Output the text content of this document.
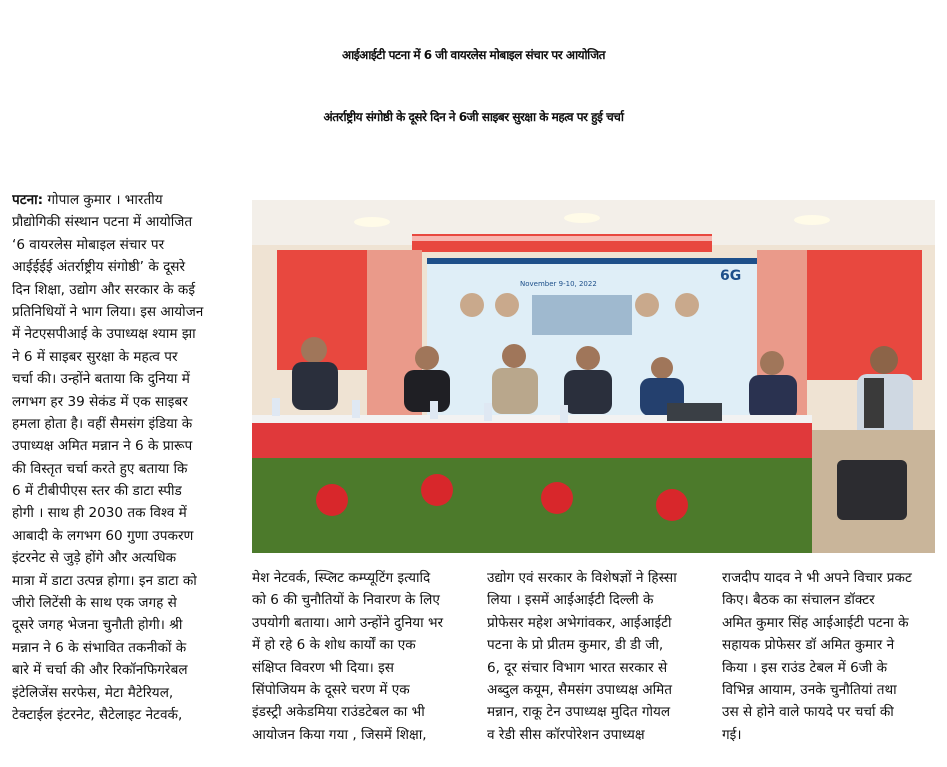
आईआईटी पटना में 6 जी वायरलेस मोबाइल संचार पर आयोजित
अंतर्राष्ट्रीय संगोष्ठी के दूसरे दिन ने 6जी साइबर सुरक्षा के महत्व पर हुई चर्चा
पटना: गोपाल कुमार । भारतीय
प्रौद्योगिकी संस्थान पटना में आयोजित
‘6 वायरलेस मोबाइल संचार पर
आईईईई अंतर्राष्ट्रीय संगोष्ठी’ के दूसरे
दिन शिक्षा, उद्योग और सरकार के कई
प्रतिनिधियों ने भाग लिया। इस आयोजन
में नेटएसपीआई के उपाध्यक्ष श्याम झा
ने 6 में साइबर सुरक्षा के महत्व पर
चर्चा की। उन्होंने बताया कि दुनिया में
लगभग हर 39 सेकंड में एक साइबर
हमला होता है। वहीं सैमसंग इंडिया के
उपाध्यक्ष अमित मन्नान ने 6 के प्रारूप
की विस्तृत चर्चा करते हुए बताया कि
6 में टीबीपीएस स्तर की डाटा स्पीड
होगी । साथ ही 2030 तक विश्व में
आबादी के लगभग 60 गुणा उपकरण
इंटरनेट से जुड़े होंगे और अत्यधिक
मात्रा में डाटा उत्पन्न होगा। इन डाटा को
जीरो लिटेंसी के साथ एक जगह से
दूसरे जगह भेजना चुनौती होगी। श्री
मन्नान ने 6 के संभावित तकनीकों के
बारे में चर्चा की और रिकॉनफिगरेबल
इंटेलिजेंस सरफेस, मेटा मैटेरियल,
टेक्टाईल इंटरनेट, सैटेलाइट नेटवर्क,
6G
November 9-10, 2022
मेश नेटवर्क, स्प्लिट कम्प्यूटिंग इत्यादि
को 6 की चुनौतियों के निवारण के लिए
उपयोगी बताया। आगे उन्होंने दुनिया भर
में हो रहे 6 के शोध कार्यों का एक
संक्षिप्त विवरण भी दिया। इस
सिंपोजियम के दूसरे चरण में एक
इंडस्ट्री अकेडमिया राउंडटेबल का भी
आयोजन किया गया , जिसमें शिक्षा,
उद्योग एवं सरकार के विशेषज्ञों ने हिस्सा
लिया । इसमें आईआईटी दिल्ली के
प्रोफेसर महेश अभेगांवकर, आईआईटी
पटना के प्रो प्रीतम कुमार, डी डी जी,
6, दूर संचार विभाग भारत सरकार से
अब्दुल कयूम, सैमसंग उपाध्यक्ष अमित
मन्नान, राकू टेन उपाध्यक्ष मुदित गोयल
व रेडी सीस कॉरपोरेशन उपाध्यक्ष
राजदीप यादव ने भी अपने विचार प्रकट
किए। बैठक का संचालन डॉक्टर
अमित कुमार सिंह आईआईटी पटना के
सहायक प्रोफेसर डॉ अमित कुमार ने
किया । इस राउंड टेबल में 6जी के
विभिन्न आयाम, उनके चुनौतियां तथा
उस से होने वाले फायदे पर चर्चा की
गई।
